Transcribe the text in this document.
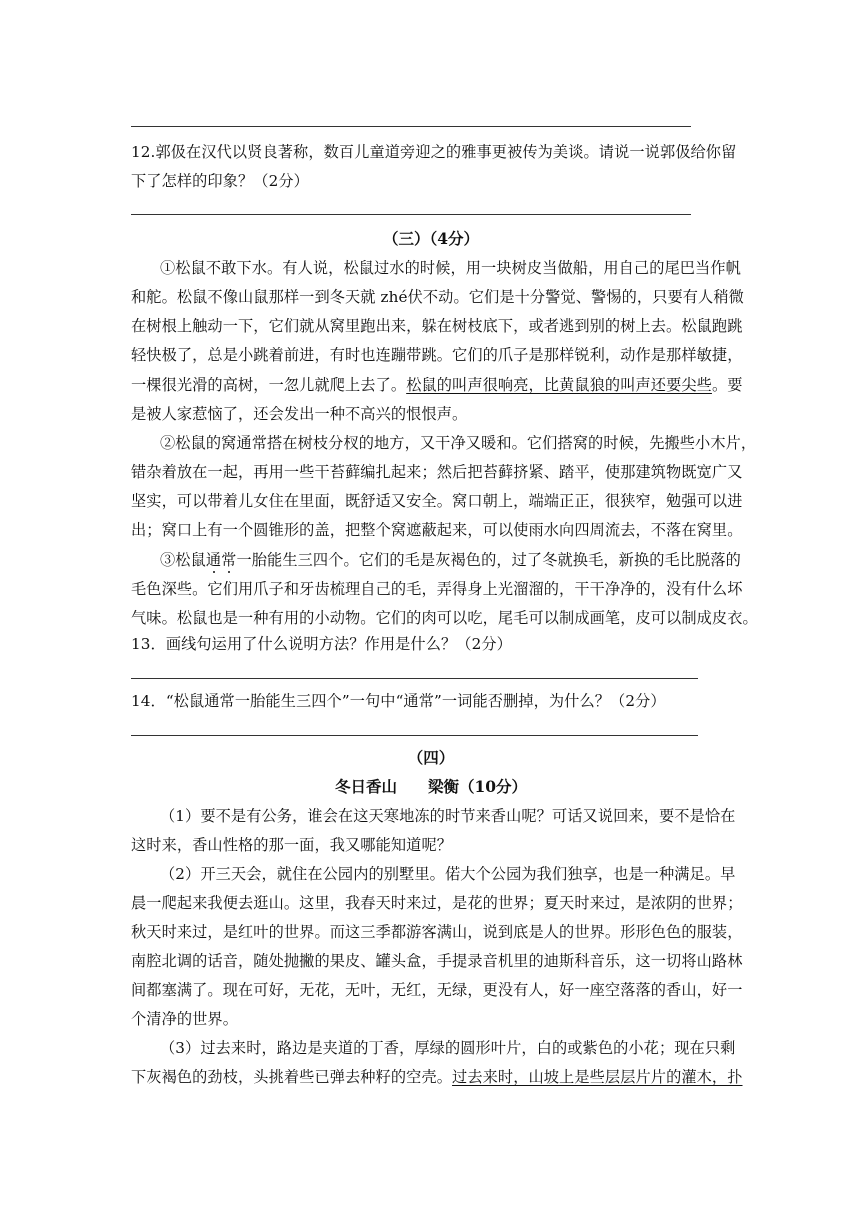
12.郭伋在汉代以贤良著称，数百儿童道旁迎之的雅事更被传为美谈。请说一说郭伋给你留
下了怎样的印象？（2分）
（三）（4分）
①松鼠不敢下水。有人说，松鼠过水的时候，用一块树皮当做船，用自己的尾巴当作帆
和舵。松鼠不像山鼠那样一到冬天就 zhé伏不动。它们是十分警觉、警惕的，只要有人稍微
在树根上触动一下，它们就从窝里跑出来，躲在树枝底下，或者逃到别的树上去。松鼠跑跳
轻快极了，总是小跳着前进，有时也连蹦带跳。它们的爪子是那样锐利，动作是那样敏捷，
一棵很光滑的高树，一忽儿就爬上去了。松鼠的叫声很响亮，比黄鼠狼的叫声还要尖些。要
是被人家惹恼了，还会发出一种不高兴的恨恨声。
②松鼠的窝通常搭在树枝分杈的地方，又干净又暖和。它们搭窝的时候，先搬些小木片，
错杂着放在一起，再用一些干苔藓编扎起来；然后把苔藓挤紧、踏平，使那建筑物既宽广又
坚实，可以带着儿女住在里面，既舒适又安全。窝口朝上，端端正正，很狭窄，勉强可以进
出；窝口上有一个圆锥形的盖，把整个窝遮蔽起来，可以使雨水向四周流去，不落在窝里。
③松鼠通常一胎能生三四个。它们的毛是灰褐色的，过了冬就换毛，新换的毛比脱落的
毛色深些。它们用爪子和牙齿梳理自己的毛，弄得身上光溜溜的，干干净净的，没有什么坏
气味。松鼠也是一种有用的小动物。它们的肉可以吃，尾毛可以制成画笔，皮可以制成皮衣。
13．画线句运用了什么说明方法？作用是什么？（2分）
14．“松鼠通常一胎能生三四个”一句中“通常”一词能否删掉，为什么？（2分）
（四）
冬日香山　　梁衡（10分）
（1）要不是有公务，谁会在这天寒地冻的时节来香山呢？可话又说回来，要不是恰在
这时来，香山性格的那一面，我又哪能知道呢？
（2）开三天会，就住在公园内的别墅里。偌大个公园为我们独享，也是一种满足。早
晨一爬起来我便去逛山。这里，我春天时来过，是花的世界；夏天时来过，是浓阴的世界；
秋天时来过，是红叶的世界。而这三季都游客满山，说到底是人的世界。形形色色的服装，
南腔北调的话音，随处抛撇的果皮、罐头盒，手提录音机里的迪斯科音乐，这一切将山路林
间都塞满了。现在可好，无花，无叶，无红，无绿，更没有人，好一座空落落的香山，好一
个清净的世界。
（3）过去来时，路边是夹道的丁香，厚绿的圆形叶片，白的或紫色的小花；现在只剩
下灰褐色的劲枝，头挑着些已弹去种籽的空壳。过去来时，山坡上是些层层片片的灌木，扑
